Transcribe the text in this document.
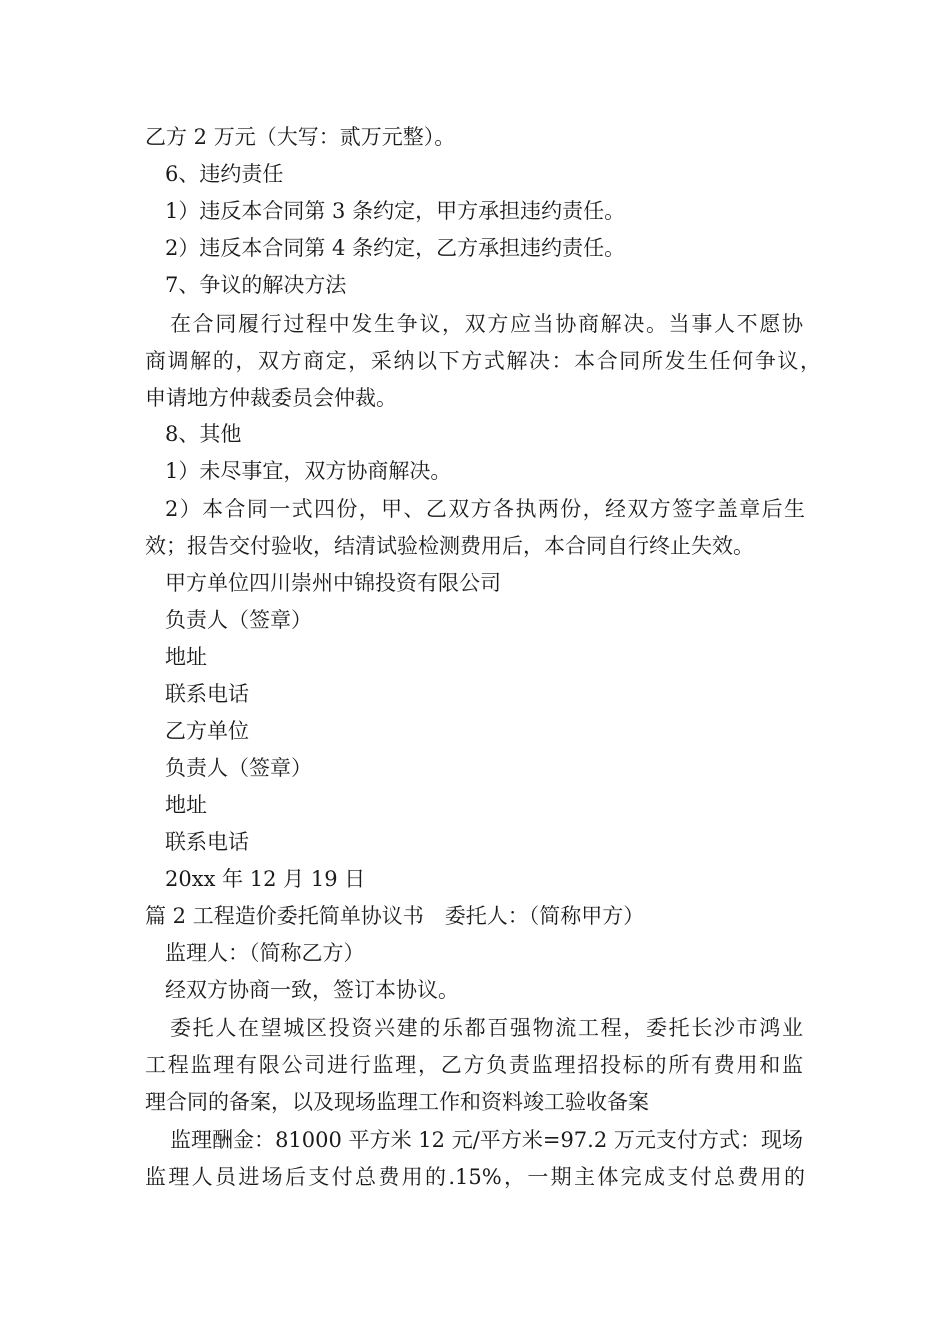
乙方 2 万元（大写：贰万元整）。
6、违约责任
1）违反本合同第 3 条约定，甲方承担违约责任。
2）违反本合同第 4 条约定，乙方承担违约责任。
7、争议的解决方法
在合同履行过程中发生争议，双方应当协商解决。当事人不愿协
商调解的，双方商定，采纳以下方式解决：本合同所发生任何争议，
申请地方仲裁委员会仲裁。
8、其他
1）未尽事宜，双方协商解决。
2）本合同一式四份，甲、乙双方各执两份，经双方签字盖章后生
效；报告交付验收，结清试验检测费用后，本合同自行终止失效。
甲方单位四川崇州中锦投资有限公司
负责人（签章）
地址
联系电话
乙方单位
负责人（签章）
地址
联系电话
20xx 年 12 月 19 日
篇 2 工程造价委托简单协议书　委托人：（简称甲方）
监理人：（简称乙方）
经双方协商一致，签订本协议。
委托人在望城区投资兴建的乐都百强物流工程，委托长沙市鸿业
工程监理有限公司进行监理，乙方负责监理招投标的所有费用和监
理合同的备案，以及现场监理工作和资料竣工验收备案
监理酬金：81000 平方米 12 元/平方米=97.2 万元支付方式：现场
监理人员进场后支付总费用的.15%，一期主体完成支付总费用的
